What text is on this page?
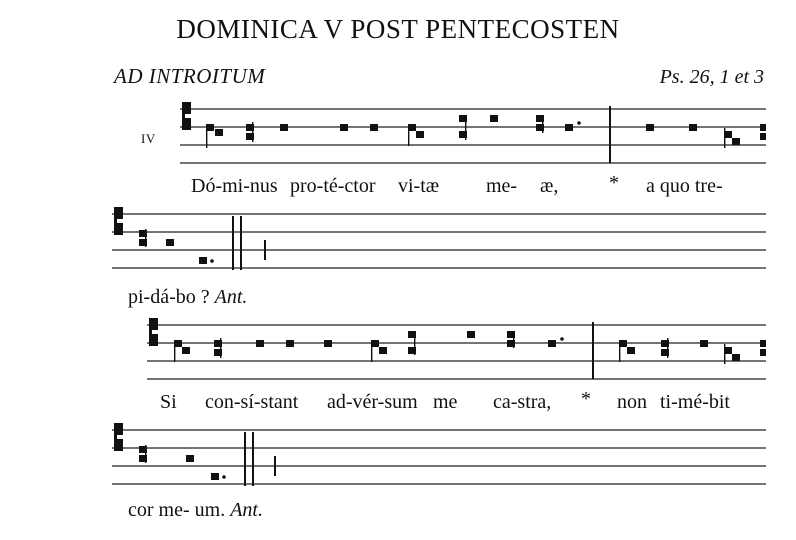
DOMINICA V POST PENTECOSTEN
AD INTROITUM	Ps. 26, 1 et 3
IV
Dó-mi-nus pro-té-ctor vi-tæ me- æ,	* a quo tre-
pi-dá-bo ? Ant.
Si con-sí-stant ad-vér-sum me ca-stra, * non ti-mé-bit
cor me- um. Ant.
